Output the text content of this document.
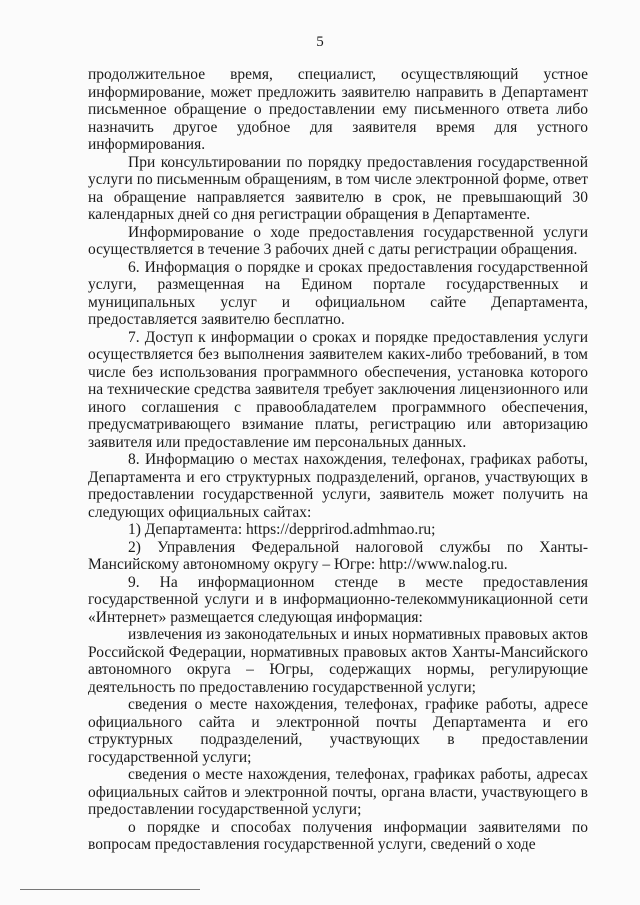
5

продолжительное время, специалист, осуществляющий устное информирование, может предложить заявителю направить в Департамент письменное обращение о предоставлении ему письменного ответа либо назначить другое удобное для заявителя время для устного информирования.

При консультировании по порядку предоставления государственной услуги по письменным обращениям, в том числе электронной форме, ответ на обращение направляется заявителю в срок, не превышающий 30 календарных дней со дня регистрации обращения в Департаменте.

Информирование о ходе предоставления государственной услуги осуществляется в течение 3 рабочих дней с даты регистрации обращения.

6. Информация о порядке и сроках предоставления государственной услуги, размещенная на Едином портале государственных и муниципальных услуг и официальном сайте Департамента, предоставляется заявителю бесплатно.

7. Доступ к информации о сроках и порядке предоставления услуги осуществляется без выполнения заявителем каких-либо требований, в том числе без использования программного обеспечения, установка которого на технические средства заявителя требует заключения лицензионного или иного соглашения с правообладателем программного обеспечения, предусматривающего взимание платы, регистрацию или авторизацию заявителя или предоставление им персональных данных.

8. Информацию о местах нахождения, телефонах, графиках работы, Департамента и его структурных подразделений, органов, участвующих в предоставлении государственной услуги, заявитель может получить на следующих официальных сайтах:

1) Департамента: https://depprirod.admhmao.ru;

2) Управления Федеральной налоговой службы по Ханты-Мансийскому автономному округу – Югре: http://www.nalog.ru.

9. На информационном стенде в месте предоставления государственной услуги и в информационно-телекоммуникационной сети «Интернет» размещается следующая информация:

извлечения из законодательных и иных нормативных правовых актов Российской Федерации, нормативных правовых актов Ханты-Мансийского автономного округа – Югры, содержащих нормы, регулирующие деятельность по предоставлению государственной услуги;

сведения о месте нахождения, телефонах, графике работы, адресе официального сайта и электронной почты Департамента и его структурных подразделений, участвующих в предоставлении государственной услуги;

сведения о месте нахождения, телефонах, графиках работы, адресах официальных сайтов и электронной почты, органа власти, участвующего в предоставлении государственной услуги;

о порядке и способах получения информации заявителями по вопросам предоставления государственной услуги, сведений о ходе
